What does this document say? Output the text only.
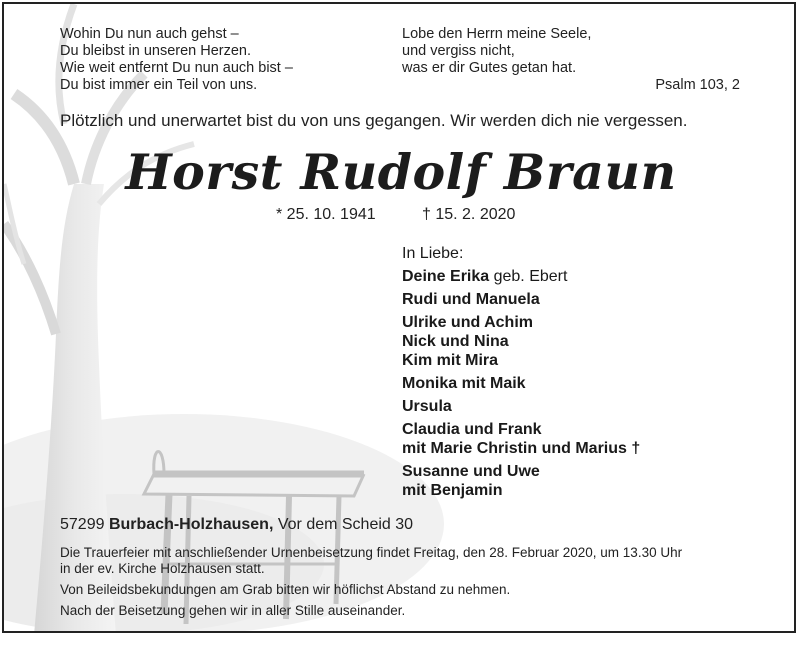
Wohin Du nun auch gehst –
Du bleibst in unseren Herzen.
Wie weit entfernt Du nun auch bist –
Du bist immer ein Teil von uns.
Lobe den Herrn meine Seele,
und vergiss nicht,
was er dir Gutes getan hat.
Psalm 103, 2
Plötzlich und unerwartet bist du von uns gegangen. Wir werden dich nie vergessen.
Horst Rudolf Braun
* 25. 10. 1941	† 15. 2. 2020
In Liebe:
Deine Erika geb. Ebert
Rudi und Manuela
Ulrike und Achim
Nick und Nina
Kim mit Mira
Monika mit Maik
Ursula
Claudia und Frank
mit Marie Christin und Marius †
Susanne und Uwe
mit Benjamin
57299 Burbach-Holzhausen, Vor dem Scheid 30
Die Trauerfeier mit anschließender Urnenbeisetzung findet Freitag, den 28. Februar 2020, um 13.30 Uhr
in der ev. Kirche Holzhausen statt.
Von Beileidsbekundungen am Grab bitten wir höflichst Abstand zu nehmen.
Nach der Beisetzung gehen wir in aller Stille auseinander.
